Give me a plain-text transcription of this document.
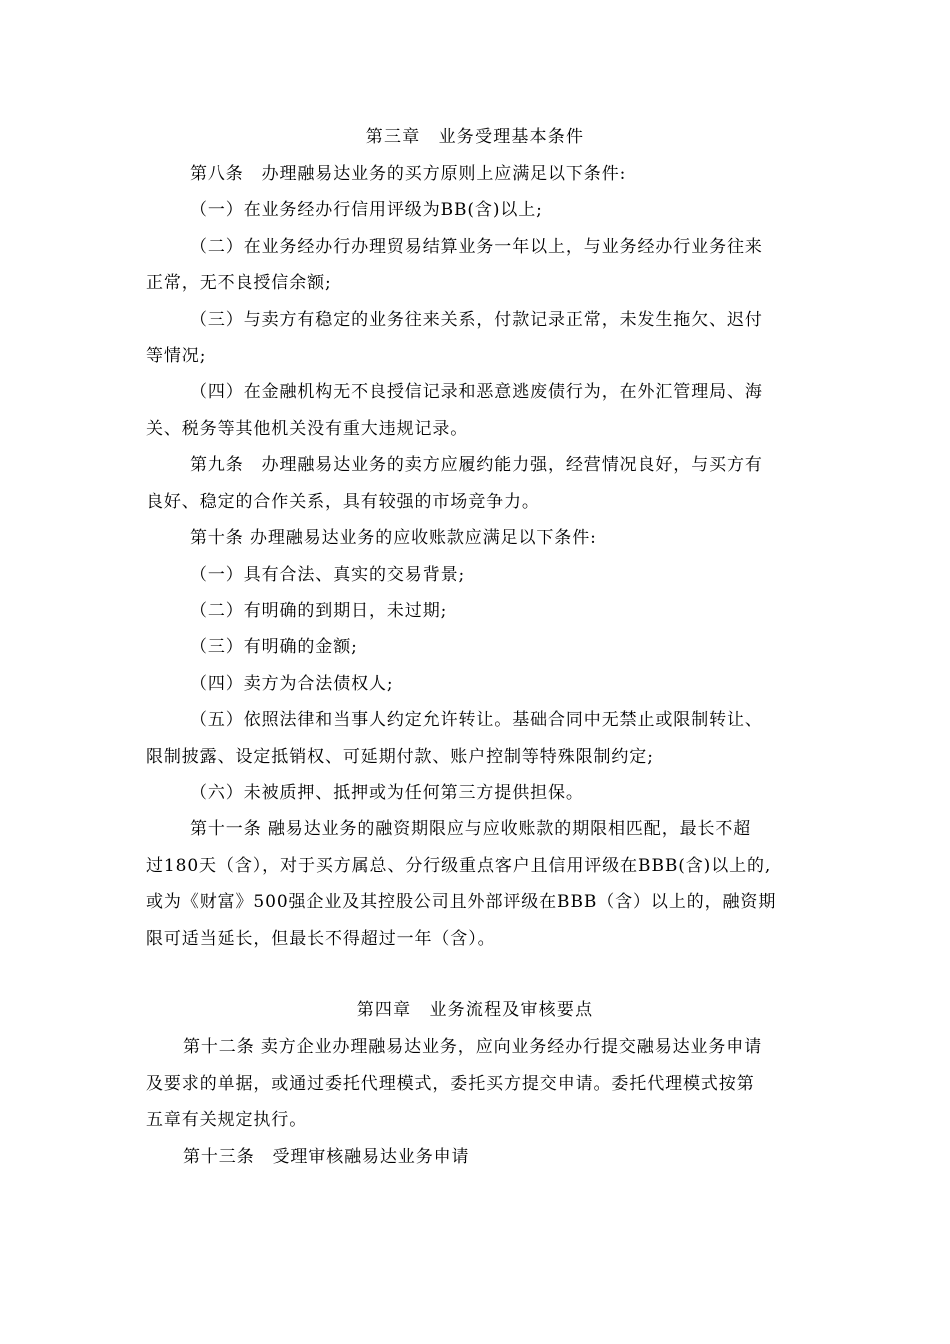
第三章　业务受理基本条件
第八条　办理融易达业务的买方原则上应满足以下条件:
（一）在业务经办行信用评级为BB(含)以上;
（二）在业务经办行办理贸易结算业务一年以上，与业务经办行业务往来
正常，无不良授信余额;
（三）与卖方有稳定的业务往来关系，付款记录正常，未发生拖欠、迟付
等情况;
（四）在金融机构无不良授信记录和恶意逃废债行为，在外汇管理局、海
关、税务等其他机关没有重大违规记录。
第九条　办理融易达业务的卖方应履约能力强，经营情况良好，与买方有
良好、稳定的合作关系，具有较强的市场竞争力。
第十条 办理融易达业务的应收账款应满足以下条件:
（一）具有合法、真实的交易背景;
（二）有明确的到期日，未过期;
（三）有明确的金额;
（四）卖方为合法债权人;
（五）依照法律和当事人约定允许转让。基础合同中无禁止或限制转让、
限制披露、设定抵销权、可延期付款、账户控制等特殊限制约定;
（六）未被质押、抵押或为任何第三方提供担保。
第十一条 融易达业务的融资期限应与应收账款的期限相匹配，最长不超
过180天（含），对于买方属总、分行级重点客户且信用评级在BBB(含)以上的,
或为《财富》500强企业及其控股公司且外部评级在BBB（含）以上的，融资期
限可适当延长，但最长不得超过一年（含）。
第四章　业务流程及审核要点
第十二条 卖方企业办理融易达业务，应向业务经办行提交融易达业务申请
及要求的单据，或通过委托代理模式，委托买方提交申请。委托代理模式按第
五章有关规定执行。
第十三条　受理审核融易达业务申请
